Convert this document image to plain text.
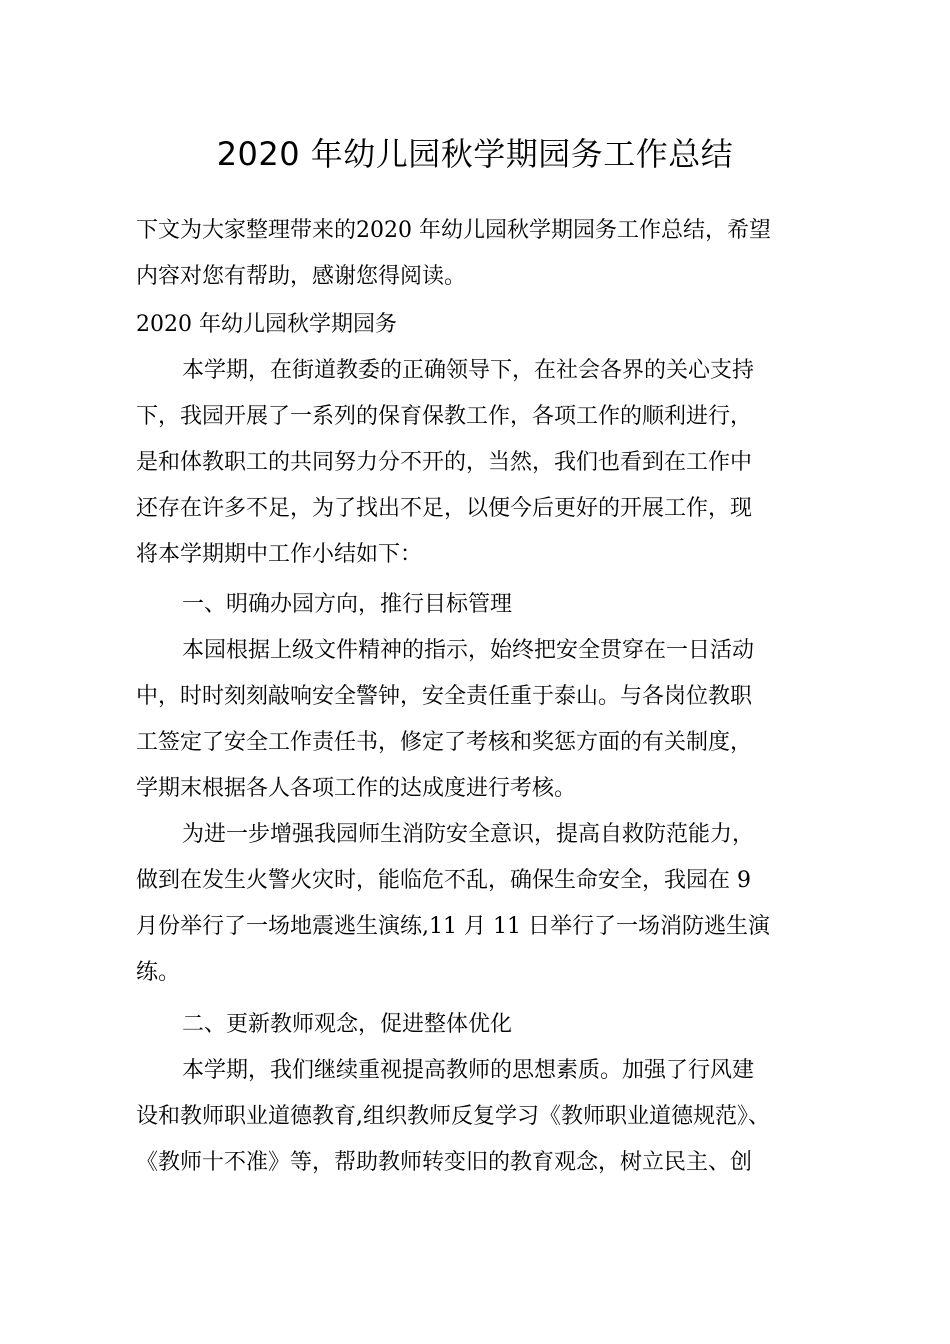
2020 年幼儿园秋学期园务工作总结

下文为大家整理带来的2020 年幼儿园秋学期园务工作总结，希望
内容对您有帮助，感谢您得阅读。

2020 年幼儿园秋学期园务

本学期，在街道教委的正确领导下，在社会各界的关心支持
下，我园开展了一系列的保育保教工作，各项工作的顺利进行，
是和体教职工的共同努力分不开的，当然，我们也看到在工作中
还存在许多不足，为了找出不足，以便今后更好的开展工作，现
将本学期期中工作小结如下：

一、明确办园方向，推行目标管理

本园根据上级文件精神的指示，始终把安全贯穿在一日活动
中，时时刻刻敲响安全警钟，安全责任重于泰山。与各岗位教职
工签定了安全工作责任书，修定了考核和奖惩方面的有关制度，
学期末根据各人各项工作的达成度进行考核。

为进一步增强我园师生消防安全意识，提高自救防范能力，
做到在发生火警火灾时，能临危不乱，确保生命安全，我园在 9
月份举行了一场地震逃生演练,11 月 11 日举行了一场消防逃生演
练。

二、更新教师观念，促进整体优化

本学期，我们继续重视提高教师的思想素质。加强了行风建
设和教师职业道德教育,组织教师反复学习《教师职业道德规范》、
《教师十不准》等，帮助教师转变旧的教育观念，树立民主、创
